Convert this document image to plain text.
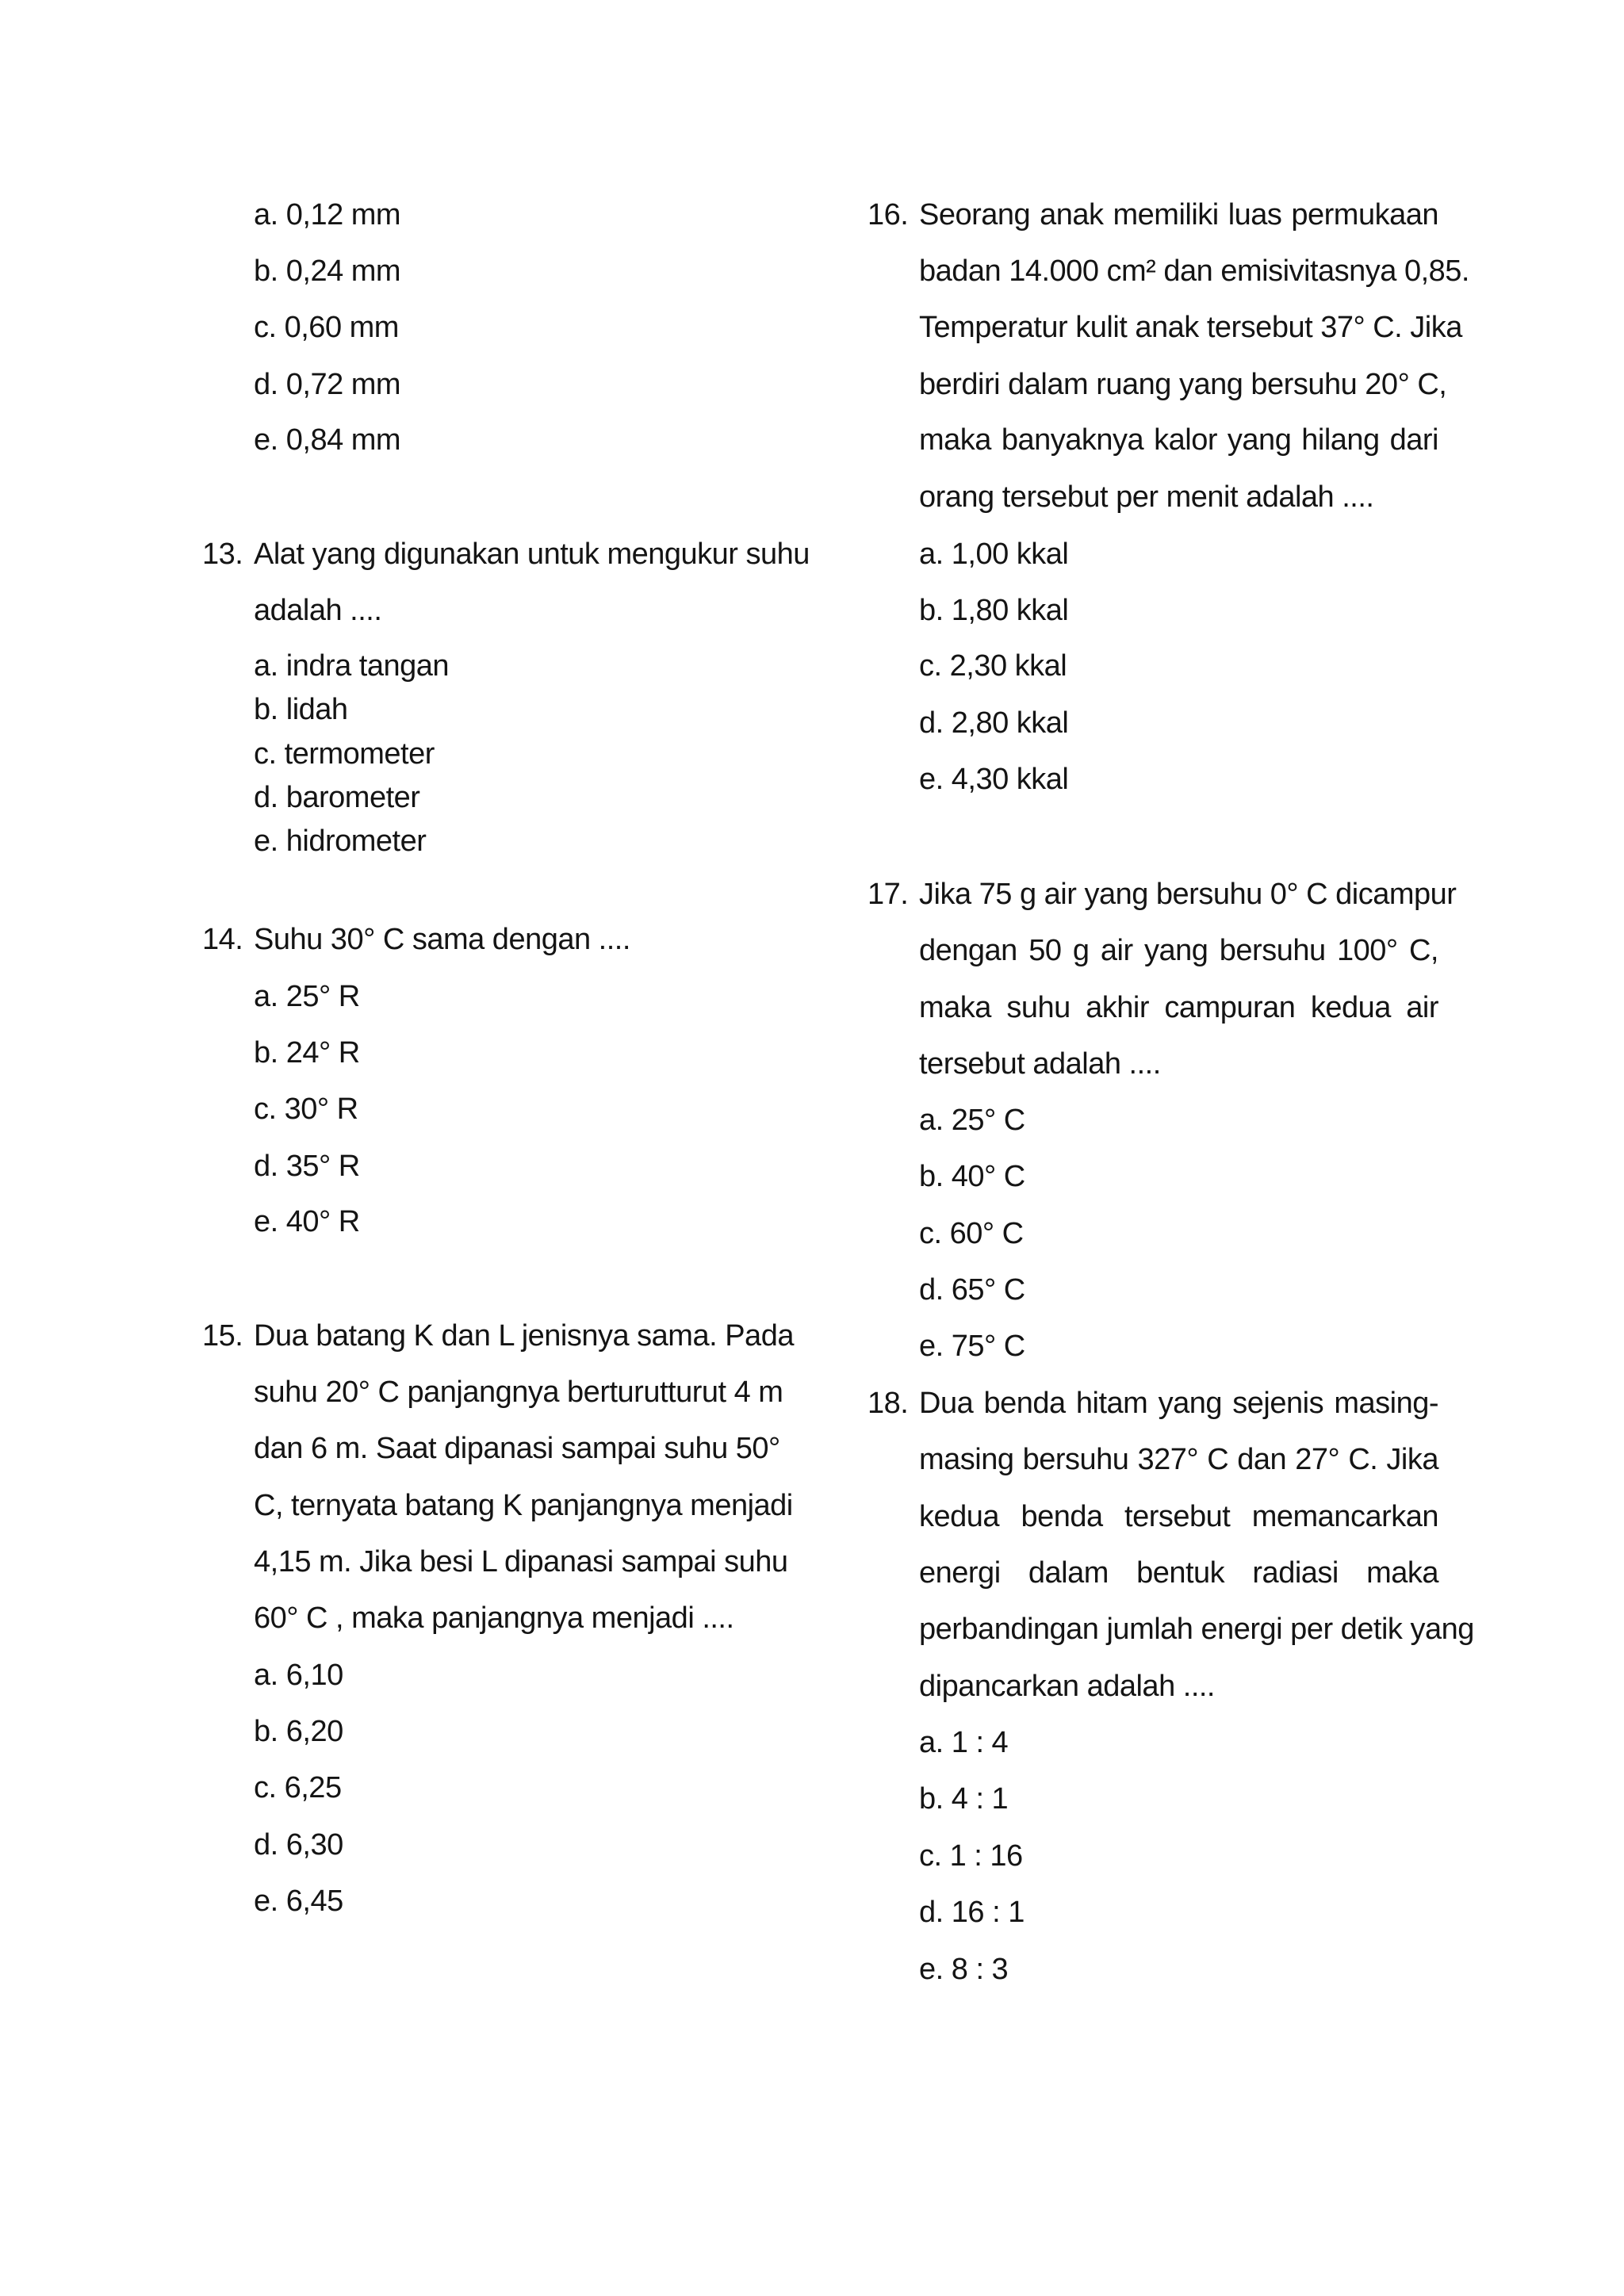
a. 0,12 mm
b. 0,24 mm
c. 0,60 mm
d. 0,72 mm
e. 0,84 mm
13. Alat yang digunakan untuk mengukur suhu
adalah ....
a. indra tangan
b. lidah
c. termometer
d. barometer
e. hidrometer
14. Suhu 30° C sama dengan ....
a. 25° R
b. 24° R
c. 30° R
d. 35° R
e. 40° R
15. Dua batang K dan L jenisnya sama. Pada
suhu 20° C panjangnya berturutturut 4 m
dan 6 m. Saat dipanasi sampai suhu 50°
C, ternyata batang K panjangnya menjadi
4,15 m. Jika besi L dipanasi sampai suhu
60° C , maka panjangnya menjadi ....
a. 6,10
b. 6,20
c. 6,25
d. 6,30
e. 6,45
16. Seorang anak memiliki luas permukaan
badan 14.000 cm² dan emisivitasnya 0,85.
Temperatur kulit anak tersebut 37° C. Jika
berdiri dalam ruang yang bersuhu 20° C,
maka banyaknya kalor yang hilang dari
orang tersebut per menit adalah ....
a. 1,00 kkal
b. 1,80 kkal
c. 2,30 kkal
d. 2,80 kkal
e. 4,30 kkal
17. Jika 75 g air yang bersuhu 0° C dicampur
dengan 50 g air yang bersuhu 100° C,
maka suhu akhir campuran kedua air
tersebut adalah ....
a. 25° C
b. 40° C
c. 60° C
d. 65° C
e. 75° C
18. Dua benda hitam yang sejenis masing-
masing bersuhu 327° C dan 27° C. Jika
kedua benda tersebut memancarkan
energi dalam bentuk radiasi maka
perbandingan jumlah energi per detik yang
dipancarkan adalah ....
a. 1 : 4
b. 4 : 1
c. 1 : 16
d. 16 : 1
e. 8 : 3
